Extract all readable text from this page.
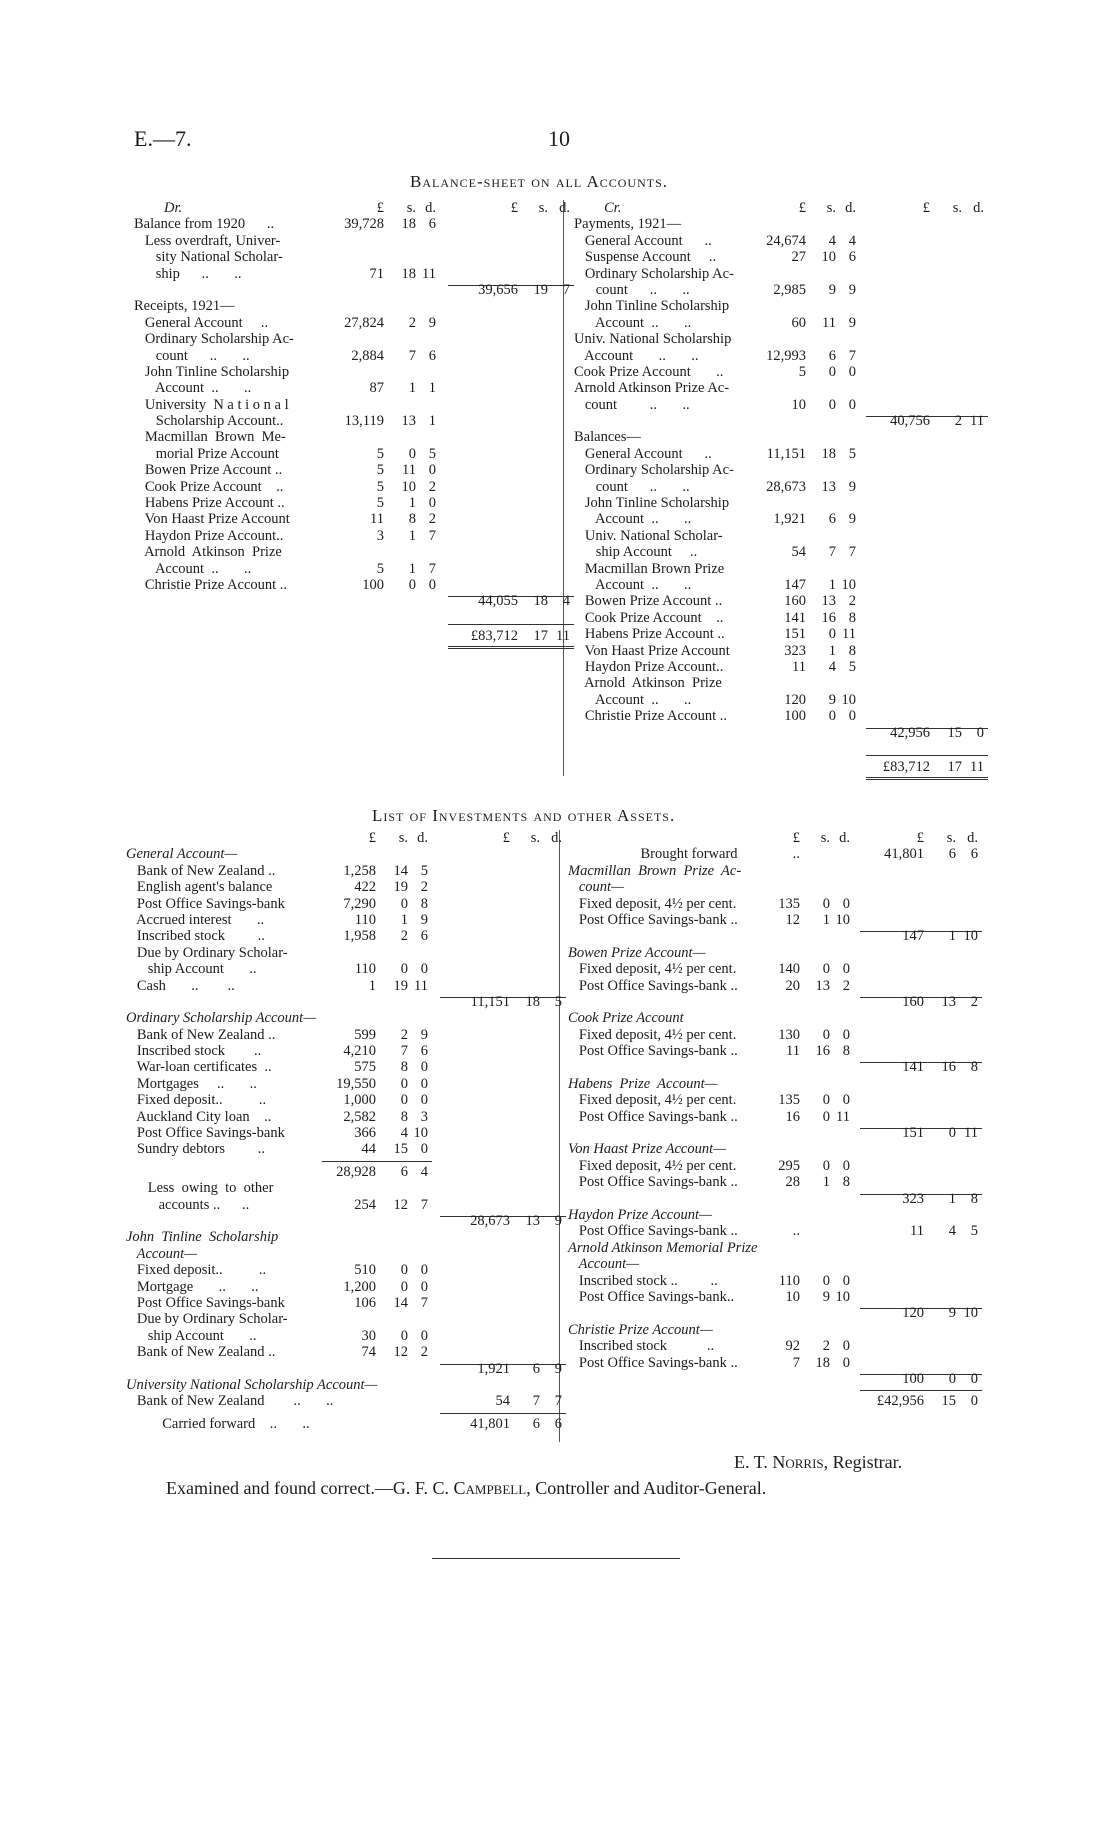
E.—7.	10
Balance-sheet on all Accounts.
Dr.	£ s. d.	£ s. d.
Balance from 1920      ..	39,728 18 6
Less overdraft, Univer-
sity National Scholar-
ship      ..       ..	71 18 11
39,656 19 7
Receipts, 1921—
General Account     ..	27,824 2 9
Ordinary Scholarship Ac-
count      ..       ..	2,884 7 6
John Tinline Scholarship
Account  ..       ..	87 1 1
University  N a t i o n a l
Scholarship Account..	13,119 13 1
Macmillan  Brown  Me-
morial Prize Account	5 0 5
Bowen Prize Account ..	5 11 0
Cook Prize Account    ..	5 10 2
Habens Prize Account ..	5 1 0
Von Haast Prize Account	11 8 2
Haydon Prize Account..	3 1 7
Arnold  Atkinson  Prize
Account  ..       ..	5 1 7
Christie Prize Account ..	100 0 0
44,055 18 4
£83,712 17 11
Cr.	£ s. d.	£ s. d.
Payments, 1921—
General Account      ..	24,674 4 4
Suspense Account     ..	27 10 6
Ordinary Scholarship Ac-
count      ..       ..	2,985 9 9
John Tinline Scholarship
Account  ..       ..	60 11 9
Univ. National Scholarship
Account       ..       ..	12,993 6 7
Cook Prize Account       ..	5 0 0
Arnold Atkinson Prize Ac-
count         ..       ..	10 0 0
40,756 2 11
Balances—
General Account      ..	11,151 18 5
Ordinary Scholarship Ac-
count      ..       ..	28,673 13 9
John Tinline Scholarship
Account  ..       ..	1,921 6 9
Univ. National Scholar-
ship Account     ..	54 7 7
Macmillan Brown Prize
Account  ..       ..	147 1 10
Bowen Prize Account ..	160 13 2
Cook Prize Account    ..	141 16 8
Habens Prize Account ..	151 0 11
Von Haast Prize Account	323 1 8
Haydon Prize Account..	11 4 5
Arnold  Atkinson  Prize
Account  ..       ..	120 9 10
Christie Prize Account ..	100 0 0
42,956 15 0
£83,712 17 11
List of Investments and other Assets.
£ s. d.	£ s. d.
General Account—
Bank of New Zealand ..	1,258 14 5
English agent's balance	422 19 2
Post Office Savings-bank	7,290 0 8
Accrued interest       ..	110 1 9
Inscribed stock         ..	1,958 2 6
Due by Ordinary Scholar-
ship Account       ..	110 0 0
Cash       ..        ..	1 19 11
11,151 18 5
Ordinary Scholarship Account—
Bank of New Zealand ..	599 2 9
Inscribed stock        ..	4,210 7 6
War-loan certificates  ..	575 8 0
Mortgages     ..       ..	19,550 0 0
Fixed deposit..          ..	1,000 0 0
Auckland City loan    ..	2,582 8 3
Post Office Savings-bank	366 4 10
Sundry debtors         ..	44 15 0
28,928 6 4
Less  owing  to  other
accounts ..      ..	254 12 7
28,673 13 9
John  Tinline  Scholarship
Account—
Fixed deposit..          ..	510 0 0
Mortgage       ..       ..	1,200 0 0
Post Office Savings-bank	106 14 7
Due by Ordinary Scholar-
ship Account       ..	30 0 0
Bank of New Zealand ..	74 12 2
1,921 6 9
University National Scholarship Account—
Bank of New Zealand        ..       ..	54 7 7
Carried forward    ..       ..	41,801 6 6
£ s. d.	£ s. d.
Brought forward	..	41,801 6 6
Macmillan  Brown  Prize  Ac-
count—
Fixed deposit, 4½ per cent.	135 0 0
Post Office Savings-bank ..	12 1 10
147 1 10
Bowen Prize Account—
Fixed deposit, 4½ per cent.	140 0 0
Post Office Savings-bank ..	20 13 2
160 13 2
Cook Prize Account
Fixed deposit, 4½ per cent.	130 0 0
Post Office Savings-bank ..	11 16 8
141 16 8
Habens  Prize  Account—
Fixed deposit, 4½ per cent.	135 0 0
Post Office Savings-bank ..	16 0 11
151 0 11
Von Haast Prize Account—
Fixed deposit, 4½ per cent.	295 0 0
Post Office Savings-bank ..	28 1 8
323 1 8
Haydon Prize Account—
Post Office Savings-bank ..	..	11 4 5
Arnold Atkinson Memorial Prize
Account—
Inscribed stock ..         ..	110 0 0
Post Office Savings-bank..	10 9 10
120 9 10
Christie Prize Account—
Inscribed stock           ..	92 2 0
Post Office Savings-bank ..	7 18 0
100 0 0
£42,956 15 0
E. T. Norris, Registrar.
Examined and found correct.—G. F. C. Campbell, Controller and Auditor-General.
